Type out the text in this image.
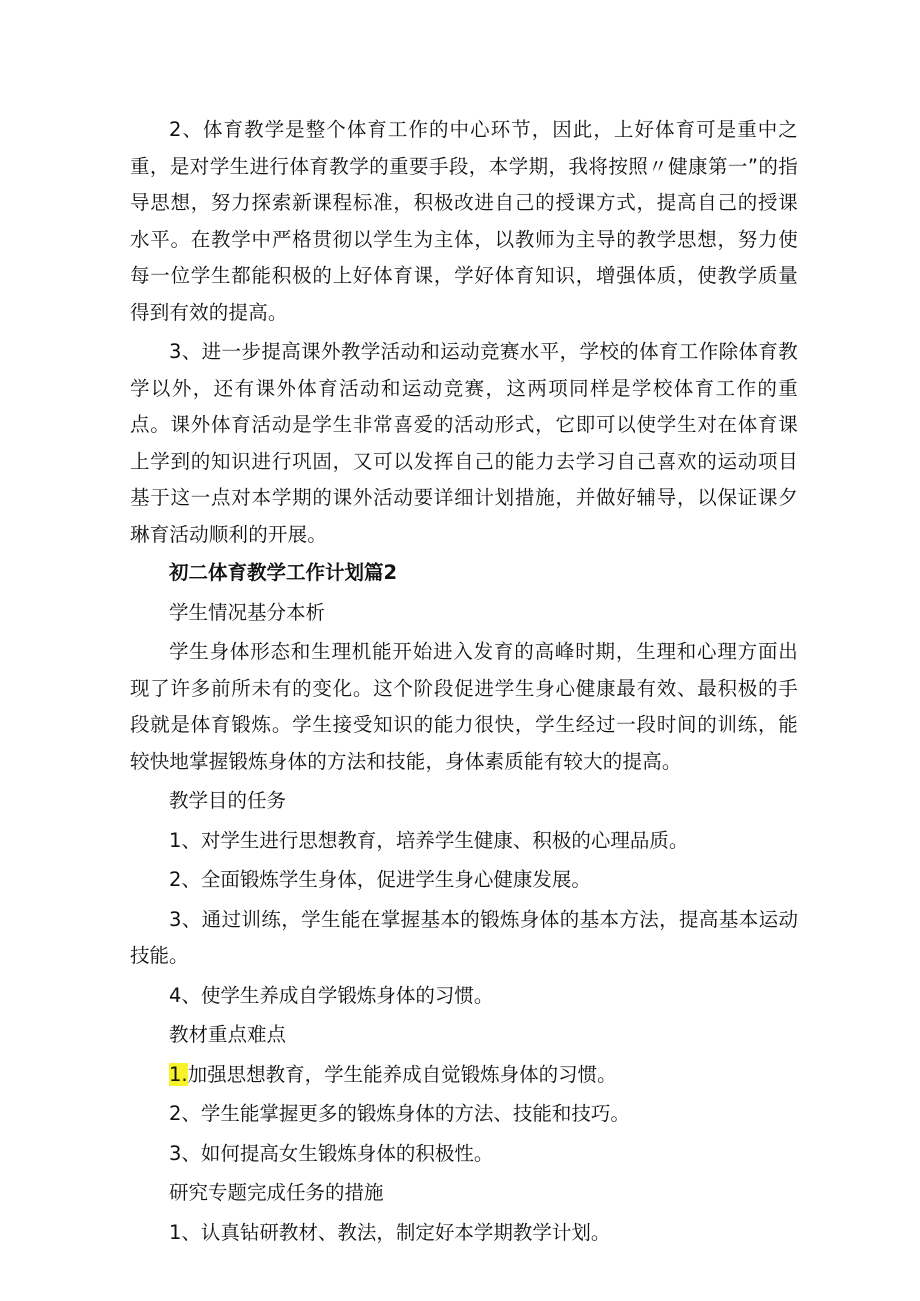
2、体育教学是整个体育工作的中心环节，因此，上好体育可是重中之重，是对学生进行体育教学的重要手段，本学期，我将按照〃健康第一”的指导思想，努力探索新课程标准，积极改进自己的授课方式，提高自己的授课水平。在教学中严格贯彻以学生为主体，以教师为主导的教学思想，努力使每一位学生都能积极的上好体育课，学好体育知识，增强体质，使教学质量得到有效的提高。

3、进一步提高课外教学活动和运动竞赛水平，学校的体育工作除体育教学以外，还有课外体育活动和运动竞赛，这两项同样是学校体育工作的重点。课外体育活动是学生非常喜爱的活动形式，它即可以使学生对在体育课上学到的知识进行巩固，又可以发挥自己的能力去学习自己喜欢的运动项目基于这一点对本学期的课外活动要详细计划措施，并做好辅导，以保证课夕琳育活动顺利的开展。

初二体育教学工作计划篇2

学生情况基分本析

学生身体形态和生理机能开始进入发育的高峰时期，生理和心理方面出现了许多前所未有的变化。这个阶段促进学生身心健康最有效、最积极的手段就是体育锻炼。学生接受知识的能力很快，学生经过一段时间的训练，能较快地掌握锻炼身体的方法和技能，身体素质能有较大的提高。

教学目的任务

1、对学生进行思想教育，培养学生健康、积极的心理品质。

2、全面锻炼学生身体，促进学生身心健康发展。

3、通过训练，学生能在掌握基本的锻炼身体的基本方法，提高基本运动技能。

4、使学生养成自学锻炼身体的习惯。

教材重点难点

1.加强思想教育，学生能养成自觉锻炼身体的习惯。

2、学生能掌握更多的锻炼身体的方法、技能和技巧。

3、如何提高女生锻炼身体的积极性。

研究专题完成任务的措施

1、认真钻研教材、教法，制定好本学期教学计划。
